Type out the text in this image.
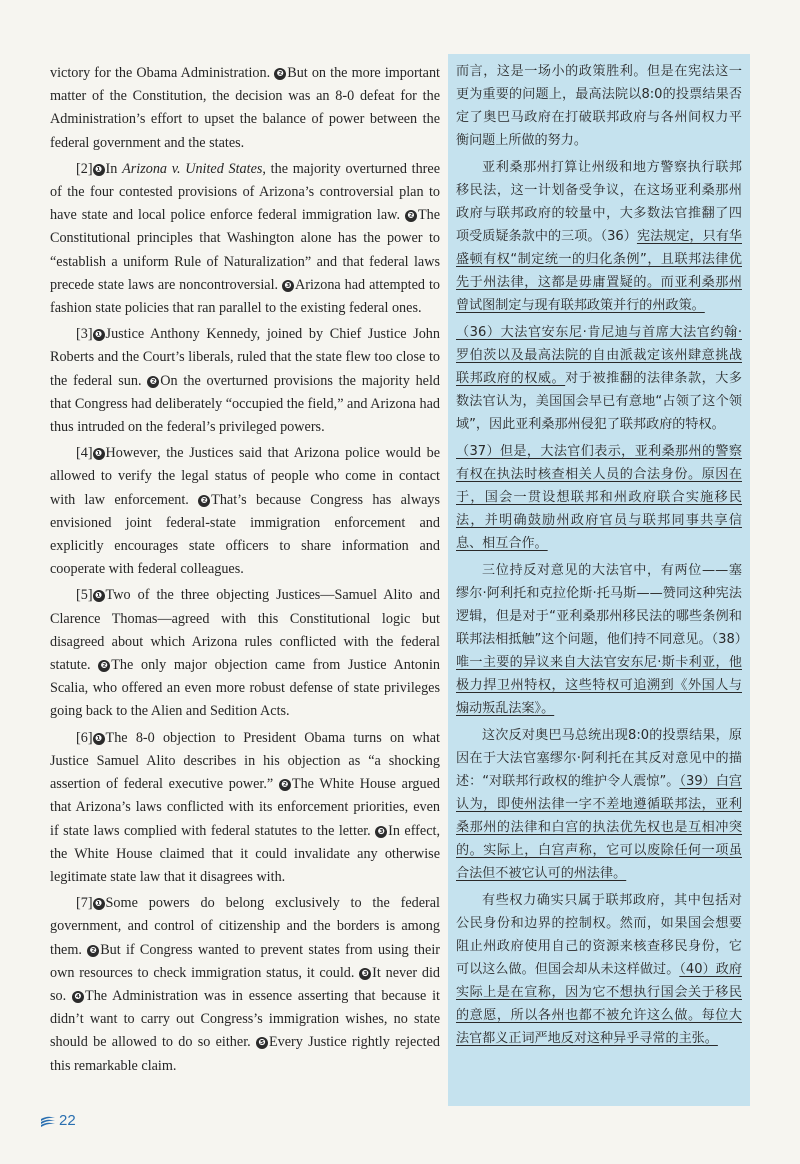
victory for the Obama Administration. ❷ But on the more important matter of the Constitution, the decision was an 8-0 defeat for the Administration’s effort to upset the balance of power between the federal government and the states.

[2] ❶ In Arizona v. United States, the majority overturned three of the four contested provisions of Arizona’s controversial plan to have state and local police enforce federal immigration law. ❷ The Constitutional principles that Washington alone has the power to “establish a uniform Rule of Naturalization” and that federal laws precede state laws are noncontroversial. ❸ Arizona had attempted to fashion state policies that ran parallel to the existing federal ones.

[3] ❶ Justice Anthony Kennedy, joined by Chief Justice John Roberts and the Court’s liberals, ruled that the state flew too close to the federal sun. ❷ On the overturned provisions the majority held that Congress had deliberately “occupied the field,” and Arizona had thus intruded on the federal’s privileged powers.

[4] ❶ However, the Justices said that Arizona police would be allowed to verify the legal status of people who come in contact with law enforcement. ❷ That’s because Congress has always envisioned joint federal-state immigration enforcement and explicitly encourages state officers to share information and cooperate with federal colleagues.

[5] ❶ Two of the three objecting Justices—Samuel Alito and Clarence Thomas—agreed with this Constitutional logic but disagreed about which Arizona rules conflicted with the federal statute. ❷ The only major objection came from Justice Antonin Scalia, who offered an even more robust defense of state privileges going back to the Alien and Sedition Acts.

[6] ❶ The 8-0 objection to President Obama turns on what Justice Samuel Alito describes in his objection as “a shocking assertion of federal executive power.” ❷ The White House argued that Arizona’s laws conflicted with its enforcement priorities, even if state laws complied with federal statutes to the letter. ❸ In effect, the White House claimed that it could invalidate any otherwise legitimate state law that it disagrees with.

[7] ❶ Some powers do belong exclusively to the federal government, and control of citizenship and the borders is among them. ❷ But if Congress wanted to prevent states from using their own resources to check immigration status, it could. ❸ It never did so. ❹ The Administration was in essence asserting that because it didn’t want to carry out Congress’s immigration wishes, no state should be allowed to do so either. ❺ Every Justice rightly rejected this remarkable claim.

而言，这是一场小的政策胜利。但是在宪法这一更为重要的问题上，最高法院以8:0的投票结果否定了奥巴马政府在打破联邦政府与各州间权力平衡问题上所做的努力。

亚利桑那州打算让州级和地方警察执行联邦移民法，这一计划备受争议，在这场亚利桑那州政府与联邦政府的较量中，大多数法官推翻了四项受质疑条款中的三项。（36）宪法规定，只有华盛顿有权“制定统一的归化条例”，且联邦法律优先于州法律，这都是毋庸置疑的。而亚利桑那州曾试图制定与现有联邦政策并行的州政策。

（36）大法官安东尼·肯尼迪与首席大法官约翰·罗伯茨以及最高法院的自由派裁定该州肆意挑战联邦政府的权威。对于被推翻的法律条款，大多数法官认为，美国国会早已有意地“占领了这个领域”，因此亚利桑那州侵犯了联邦政府的特权。

（37）但是，大法官们表示，亚利桑那州的警察有权在执法时核查相关人员的合法身份。原因在于，国会一贯设想联邦和州政府联合实施移民法，并明确鼓励州政府官员与联邦同事共享信息、相互合作。

三位持反对意见的大法官中，有两位——塞缪尔·阿利托和克拉伦斯·托马斯——赞同这种宪法逻辑，但是对于“亚利桑那州移民法的哪些条例和联邦法相抵触”这个问题，他们持不同意见。（38）唯一主要的异议来自大法官安东尼·斯卡利亚，他极力捍卫州特权，这些特权可追溯到《外国人与煽动叛乱法案》。

这次反对奥巴马总统出现8:0的投票结果，原因在于大法官塞缪尔·阿利托在其反对意见中的描述：“对联邦行政权的维护令人震惊”。（39）白宫认为，即使州法律一字不差地遵循联邦法，亚利桑那州的法律和白宫的执法优先权也是互相冲突的。实际上，白宫声称，它可以废除任何一项虽合法但不被它认可的州法律。

有些权力确实只属于联邦政府，其中包括对公民身份和边界的控制权。然而，如果国会想要阻止州政府使用自己的资源来核查移民身份，它可以这么做。但国会却从未这样做过。（40）政府实际上是在宣称，因为它不想执行国会关于移民的意愿，所以各州也都不被允许这么做。每位大法官都义正词严地反对这种异乎寻常的主张。

22
